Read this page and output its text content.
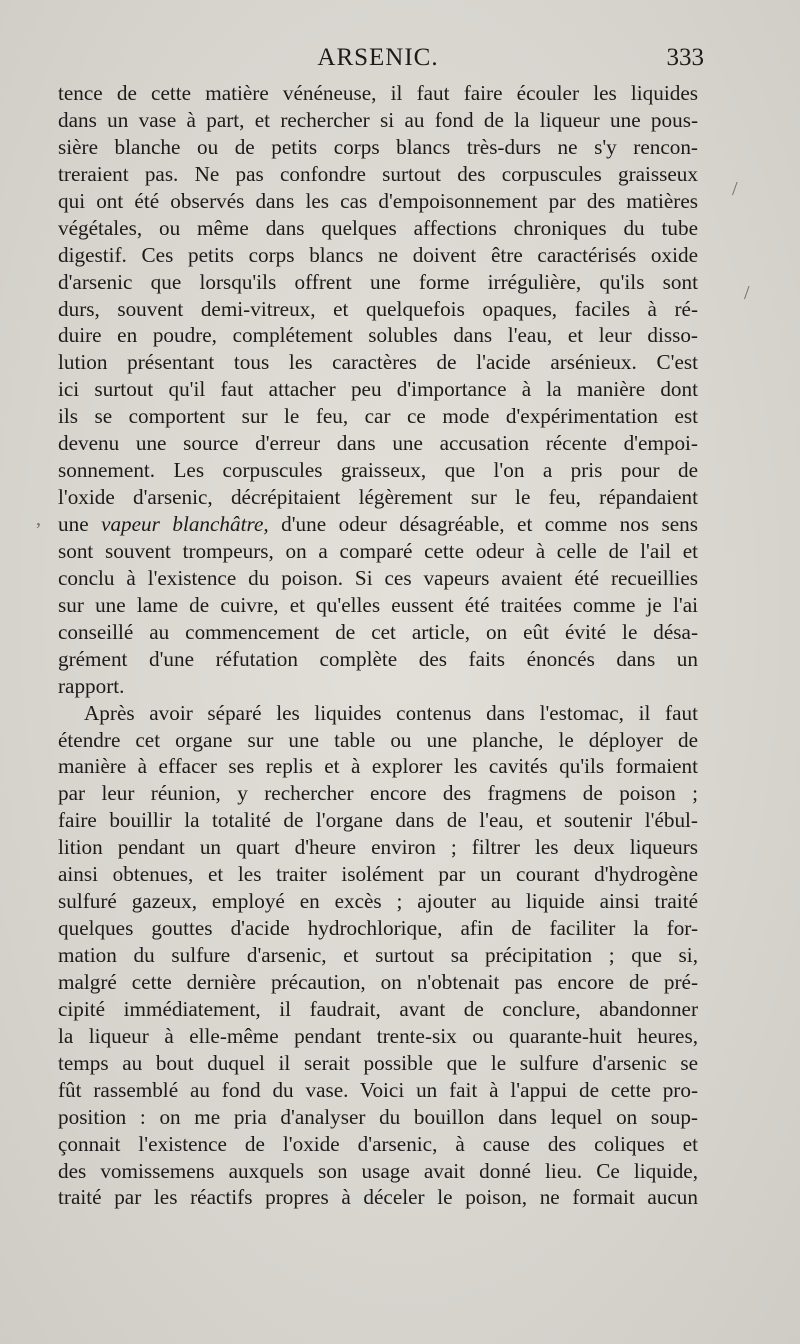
/
/
,
ARSENIC.	333
tence de cette matière vénéneuse, il faut faire écouler les liquides
dans un vase à part, et rechercher si au fond de la liqueur une pous-
sière blanche ou de petits corps blancs très-durs ne s'y rencon-
treraient pas. Ne pas confondre surtout des corpuscules graisseux
qui ont été observés dans les cas d'empoisonnement par des matières
végétales, ou même dans quelques affections chroniques du tube
digestif. Ces petits corps blancs ne doivent être caractérisés oxide
d'arsenic que lorsqu'ils offrent une forme irrégulière, qu'ils sont
durs, souvent demi-vitreux, et quelquefois opaques, faciles à ré-
duire en poudre, complétement solubles dans l'eau, et leur disso-
lution présentant tous les caractères de l'acide arsénieux. C'est
ici surtout qu'il faut attacher peu d'importance à la manière dont
ils se comportent sur le feu, car ce mode d'expérimentation est
devenu une source d'erreur dans une accusation récente d'empoi-
sonnement. Les corpuscules graisseux, que l'on a pris pour de
l'oxide d'arsenic, décrépitaient légèrement sur le feu, répandaient
une vapeur blanchâtre, d'une odeur désagréable, et comme nos sens
sont souvent trompeurs, on a comparé cette odeur à celle de l'ail et
conclu à l'existence du poison. Si ces vapeurs avaient été recueillies
sur une lame de cuivre, et qu'elles eussent été traitées comme je l'ai
conseillé au commencement de cet article, on eût évité le désa-
grément d'une réfutation complète des faits énoncés dans un
rapport.
Après avoir séparé les liquides contenus dans l'estomac, il faut
étendre cet organe sur une table ou une planche, le déployer de
manière à effacer ses replis et à explorer les cavités qu'ils formaient
par leur réunion, y rechercher encore des fragmens de poison ;
faire bouillir la totalité de l'organe dans de l'eau, et soutenir l'ébul-
lition pendant un quart d'heure environ ; filtrer les deux liqueurs
ainsi obtenues, et les traiter isolément par un courant d'hydrogène
sulfuré gazeux, employé en excès ; ajouter au liquide ainsi traité
quelques gouttes d'acide hydrochlorique, afin de faciliter la for-
mation du sulfure d'arsenic, et surtout sa précipitation ; que si,
malgré cette dernière précaution, on n'obtenait pas encore de pré-
cipité immédiatement, il faudrait, avant de conclure, abandonner
la liqueur à elle-même pendant trente-six ou quarante-huit heures,
temps au bout duquel il serait possible que le sulfure d'arsenic se
fût rassemblé au fond du vase. Voici un fait à l'appui de cette pro-
position : on me pria d'analyser du bouillon dans lequel on soup-
çonnait l'existence de l'oxide d'arsenic, à cause des coliques et
des vomissemens auxquels son usage avait donné lieu. Ce liquide,
traité par les réactifs propres à déceler le poison, ne formait aucun
